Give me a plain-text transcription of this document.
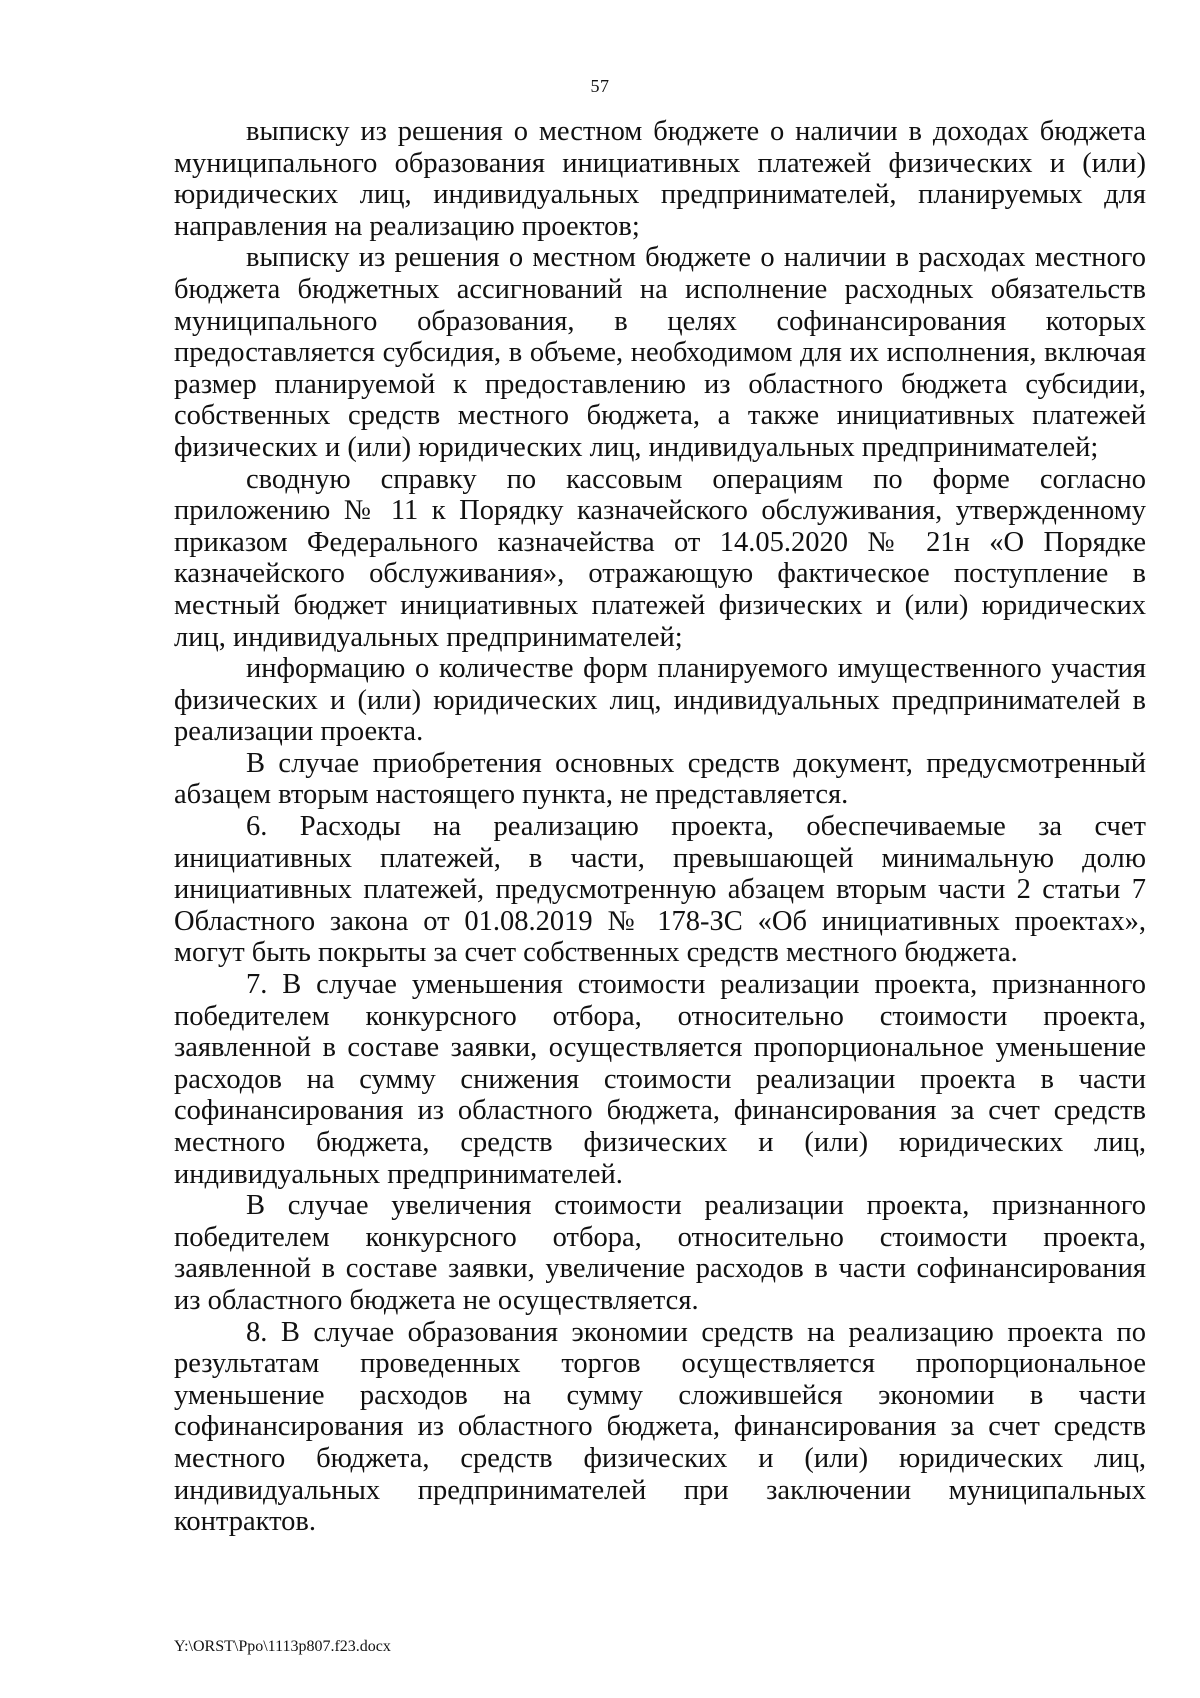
57

выписку из решения о местном бюджете о наличии в доходах бюджета муниципального образования инициативных платежей физических и (или) юридических лиц, индивидуальных предпринимателей, планируемых для направления на реализацию проектов;

выписку из решения о местном бюджете о наличии в расходах местного бюджета бюджетных ассигнований на исполнение расходных обязательств муниципального образования, в целях софинансирования которых предоставляется субсидия, в объеме, необходимом для их исполнения, включая размер планируемой к предоставлению из областного бюджета субсидии, собственных средств местного бюджета, а также инициативных платежей физических и (или) юридических лиц, индивидуальных предпринимателей;

сводную справку по кассовым операциям по форме согласно приложению № 11 к Порядку казначейского обслуживания, утвержденному приказом Федерального казначейства от 14.05.2020 № 21н «О Порядке казначейского обслуживания», отражающую фактическое поступление в местный бюджет инициативных платежей физических и (или) юридических лиц, индивидуальных предпринимателей;

информацию о количестве форм планируемого имущественного участия физических и (или) юридических лиц, индивидуальных предпринимателей в реализации проекта.

В случае приобретения основных средств документ, предусмотренный абзацем вторым настоящего пункта, не представляется.

6. Расходы на реализацию проекта, обеспечиваемые за счет инициативных платежей, в части, превышающей минимальную долю инициативных платежей, предусмотренную абзацем вторым части 2 статьи 7 Областного закона от 01.08.2019 № 178-ЗС «Об инициативных проектах», могут быть покрыты за счет собственных средств местного бюджета.

7. В случае уменьшения стоимости реализации проекта, признанного победителем конкурсного отбора, относительно стоимости проекта, заявленной в составе заявки, осуществляется пропорциональное уменьшение расходов на сумму снижения стоимости реализации проекта в части софинансирования из областного бюджета, финансирования за счет средств местного бюджета, средств физических и (или) юридических лиц, индивидуальных предпринимателей.

В случае увеличения стоимости реализации проекта, признанного победителем конкурсного отбора, относительно стоимости проекта, заявленной в составе заявки, увеличение расходов в части софинансирования из областного бюджета не осуществляется.

8. В случае образования экономии средств на реализацию проекта по результатам проведенных торгов осуществляется пропорциональное уменьшение расходов на сумму сложившейся экономии в части софинансирования из областного бюджета, финансирования за счет средств местного бюджета, средств физических и (или) юридических лиц, индивидуальных предпринимателей при заключении муниципальных контрактов.

Y:\ORST\Ppo\1113p807.f23.docx
